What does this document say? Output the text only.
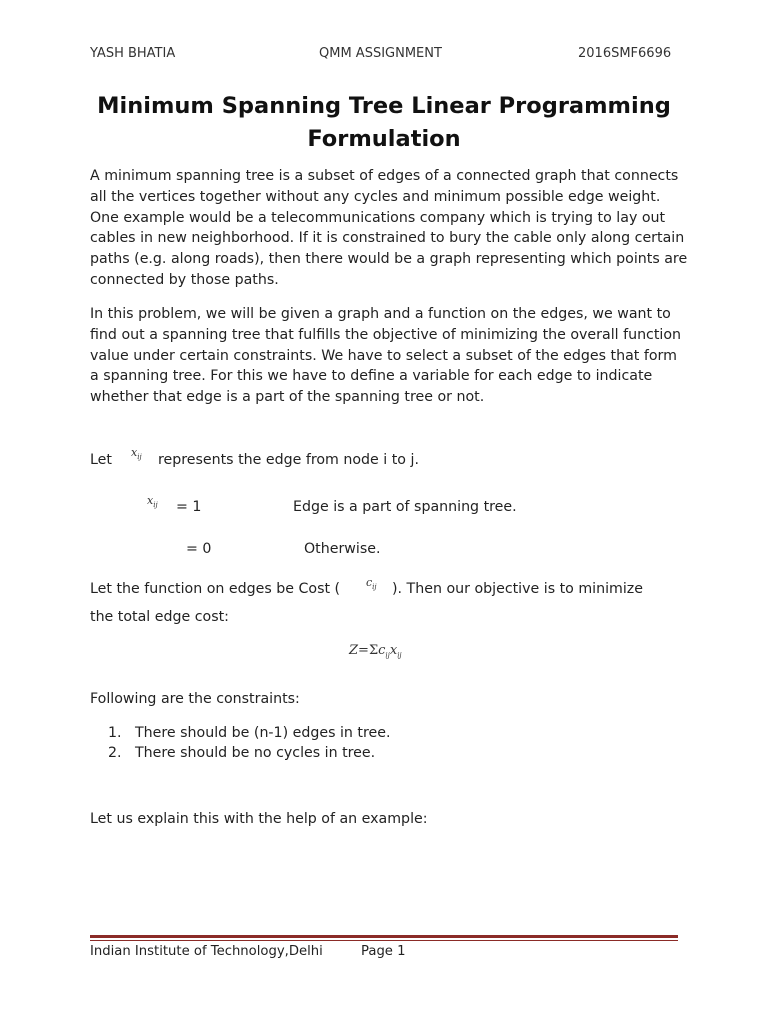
YASH BHATIA	QMM ASSIGNMENT	2016SMF6696
Minimum Spanning Tree Linear Programming Formulation
A minimum spanning tree is a subset of edges of a connected graph that connects all the vertices together without any cycles and minimum possible edge weight. One example would be a telecommunications company which is trying to lay out cables in new neighborhood. If it is constrained to bury the cable only along certain paths (e.g. along roads), then there would be a graph representing which points are connected by those paths.
In this problem, we will be given a graph and a function on the edges, we want to find out a spanning tree that fulfills the objective of minimizing the overall function value under certain constraints. We have to select a subset of the edges that form a spanning tree. For this we have to define a variable for each edge to indicate whether that edge is a part of the spanning tree or not.
Let $x_{ij}$ represents the edge from node i to j.
$x_{ij} = 1$	Edge is a part of spanning tree.
= 0	Otherwise.
Let the function on edges be Cost ( $c_{ij}$ ). Then our objective is to minimize
the total edge cost:
$Z=\Sigma c_{ij}x_{ij}$
Following are the constraints:
1. There should be (n-1) edges in tree.
2. There should be no cycles in tree.
Let us explain this with the help of an example:
Indian Institute of Technology,Delhi	Page 1
